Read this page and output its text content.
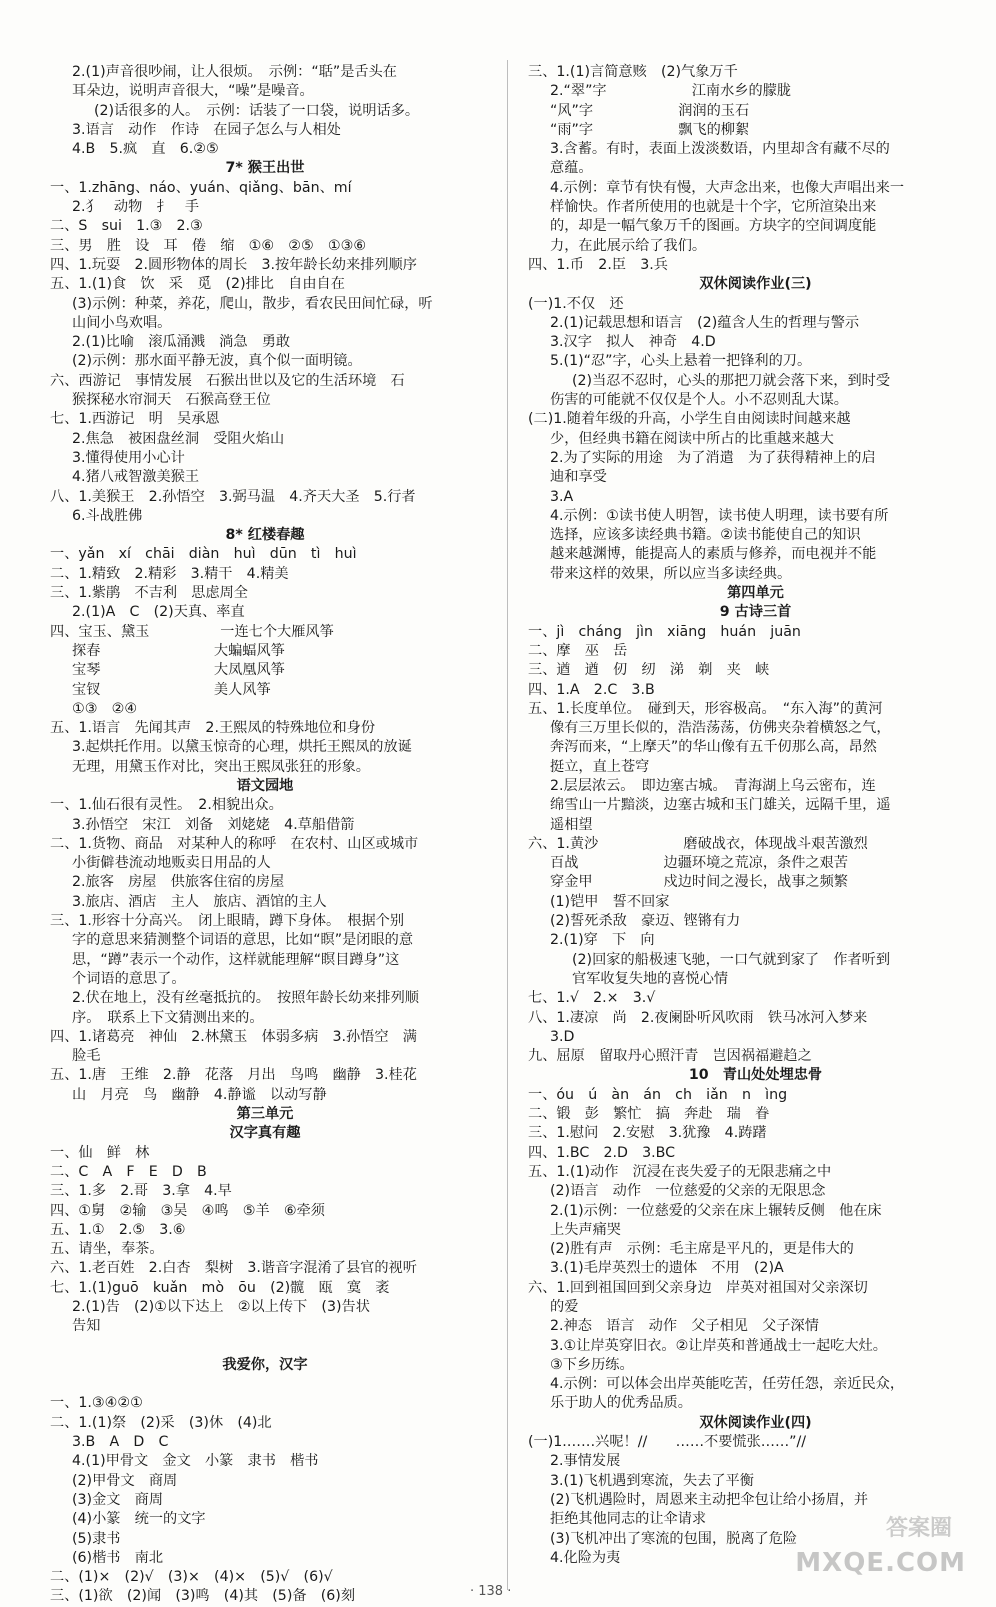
2.(1)声音很吵闹，让人很烦。　示例：“聒”是舌头在
耳朵边，说明声音很大，“噪”是噪音。
(2)话很多的人。　示例：话装了一口袋，说明话多。
3.语言　动作　作诗　在园子怎么与人相处
4.B　5.疯　直　6.②⑤
7* 猴王出世
一、1.zhāng、náo、yuán、qiǎng、bān、mí
2.犭　动物　扌　手
二、S　sui　1.③　2.③
三、男　胜　设　耳　倦　缩　①⑥　②⑤　①③⑥
四、1.玩耍　2.圆形物体的周长　3.按年龄长幼来排列顺序
五、1.(1)食　饮　采　觅　(2)排比　自由自在
(3)示例：种菜，养花，爬山，散步，看农民田间忙碌，听
山间小鸟欢唱。
2.(1)比喻　滚瓜涌溅　淌急　勇敢
(2)示例：那水面平静无波，真个似一面明镜。
六、西游记　事情发展　石猴出世以及它的生活环境　石
猴探秘水帘洞天　石猴高登王位
七、1.西游记　明　吴承恩
2.焦急　被困盘丝洞　受阻火焰山
3.懂得使用小心计
4.猪八戒智激美猴王
八、1.美猴王　2.孙悟空　3.弼马温　4.齐天大圣　5.行者
6.斗战胜佛
8* 红楼春趣
一、yǎn　xí　chāi　diàn　huì　dūn　tì　huì
二、1.精致　2.精彩　3.精干　4.精美
三、1.紫鹃　不吉利　思虑周全
2.(1)A　C　(2)天真、率直
四、宝玉、黛玉　　　　　一连七个大雁风筝
探春　　　　　　　　大蝙蝠风筝
宝琴　　　　　　　　大凤凰风筝
宝钗　　　　　　　　美人风筝
①③　②④
五、1.语言　先闻其声　2.王熙凤的特殊地位和身份
3.起烘托作用。以黛玉惊奇的心理，烘托王熙凤的放诞
无理，用黛玉作对比，突出王熙凤张狂的形象。
语文园地
一、1.仙石很有灵性。　2.相貌出众。
3.孙悟空　宋江　刘备　刘姥姥　4.草船借箭
二、1.货物、商品　对某种人的称呼　在农村、山区或城市
小街僻巷流动地贩卖日用品的人
2.旅客　房屋　供旅客住宿的房屋
3.旅店、酒店　主人　旅店、酒馆的主人
三、1.形容十分高兴。　闭上眼睛，蹲下身体。　根据个别
字的意思来猜测整个词语的意思，比如“瞑”是闭眼的意
思，“蹲”表示一个动作，这样就能理解“瞑目蹲身”这
个词语的意思了。
2.伏在地上，没有丝毫抵抗的。　按照年龄长幼来排列顺
序。　联系上下文猜测出来的。
四、1.诸葛亮　神仙　2.林黛玉　体弱多病　3.孙悟空　满
脸毛
五、1.唐　王维　2.静　花落　月出　鸟鸣　幽静　3.桂花
山　月亮　鸟　幽静　4.静谧　以动写静
第三单元
汉字真有趣
一、仙　鲜　林
二、C　A　F　E　D　B
三、1.多　2.哥　3.拿　4.早
四、①舅　②输　③吴　④鸣　⑤羊　⑥牵须
五、1.①　2.⑤　3.⑥
五、请坐，奉茶。
六、1.老百姓　2.白杏　梨树　3.谐音字混淆了县官的视听
七、1.(1)guō　kuǎn　mò　ōu　(2)髋　瓯　寞　袤
2.(1)告　(2)①以下达上　②以上传下　(3)告状
告知
我爱你，汉字
一、1.③④②①
二、1.(1)祭　(2)采　(3)休　(4)北
3.B　A　D　C
4.(1)甲骨文　金文　小篆　隶书　楷书
(2)甲骨文　商周
(3)金文　商周
(4)小篆　统一的文字
(5)隶书
(6)楷书　南北
二、(1)×　(2)√　(3)×　(4)×　(5)√　(6)√
三、(1)欲　(2)闻　(3)鸣　(4)其　(5)备　(6)刻
三、1.(1)言简意赅　(2)气象万千
2.“翠”字　　　　　　江南水乡的朦胧
“风”字　　　　　　润润的玉石
“雨”字　　　　　　飘飞的柳絮
3.含蓄。有时，表面上泼淡数语，内里却含有藏不尽的
意蕴。
4.示例：章节有快有慢，大声念出来，也像大声唱出来一
样愉快。作者所使用的也就是十个字，它所渲染出来
的，却是一幅气象万千的图画。方块字的空间调度能
力，在此展示给了我们。
四、1.币　2.臣　3.兵
双休阅读作业(三)
(一)1.不仅　还
2.(1)记载思想和语言　(2)蕴含人生的哲理与警示
3.汉字　拟人　神奇　4.D
5.(1)“忍”字，心头上悬着一把锋利的刀。
(2)当忍不忍时，心头的那把刀就会落下来，到时受
伤害的可能就不仅仅是个人。小不忍则乱大谋。
(二)1.随着年级的升高，小学生自由阅读时间越来越
少，但经典书籍在阅读中所占的比重越来越大
2.为了实际的用途　为了消遣　为了获得精神上的启
迪和享受
3.A
4.示例：①读书使人明智，读书使人明理，读书要有所
选择，应该多读经典书籍。②读书能使自己的知识
越来越渊博，能提高人的素质与修养，而电视并不能
带来这样的效果，所以应当多读经典。
第四单元
9 古诗三首
一、jì　cháng　jìn　xiāng　huán　juān
二、摩　巫　岳
三、遒　遒　仞　纫　涕　剃　夹　峡
四、1.A　2.C　3.B
五、1.长度单位。　碰到天，形容极高。　“东入海”的黄河
像有三万里长似的，浩浩荡荡，仿佛夹杂着横怒之气，
奔泻而来，“上摩天”的华山像有五千仞那么高，昂然
挺立，直上苍穹
2.层层浓云。　即边塞古城。　青海湖上乌云密布，连
绵雪山一片黯淡，边塞古城和玉门雄关，远隔千里，遥
遥相望
六、1.黄沙　　　　　　磨破战衣，体现战斗艰苦激烈
百战　　　　　　边疆环境之荒凉，条件之艰苦
穿金甲　　　　　戍边时间之漫长，战事之频繁
(1)铠甲　誓不回家
(2)誓死杀敌　豪迈、铿锵有力
2.(1)穿　下　向
(2)回家的船极速飞驰，一口气就到家了　作者听到
官军收复失地的喜悦心情
七、1.√　2.×　3.√
八、1.凄凉　尚　2.夜阑卧听风吹雨　铁马冰河入梦来
3.D
九、屈原　留取丹心照汗青　岂因祸福避趋之
10　青山处处埋忠骨
一、óu　ú　àn　án　ch　iǎn　n　ìng
二、锻　彭　繁忙　搞　奔赴　瑞　眷
三、1.慰问　2.安慰　3.犹豫　4.踌躇
四、1.BC　2.D　3.BC
五、1.(1)动作　沉浸在丧失爱子的无限悲痛之中
(2)语言　动作　一位慈爱的父亲的无限思念
2.(1)示例：一位慈爱的父亲在床上辗转反侧　他在床
上失声痛哭
(2)胜有声　示例：毛主席是平凡的，更是伟大的
3.(1)毛岸英烈士的遗体　不用　(2)A
六、1.回到祖国回到父亲身边　岸英对祖国对父亲深切
的爱
2.神态　语言　动作　父子相见　父子深情
3.①让岸英穿旧衣。②让岸英和普通战士一起吃大灶。
③下乡历练。
4.示例：可以体会出岸英能吃苦，任劳任怨，亲近民众，
乐于助人的优秀品质。
双休阅读作业(四)
(一)1.……兴呢！//　　……不要慌张……”//
2.事情发展
3.(1)飞机遇到寒流，失去了平衡
(2)飞机遇险时，周恩来主动把伞包让给小扬眉，并
拒绝其他同志的让伞请求
(3)飞机冲出了寒流的包围，脱离了危险
4.化险为夷
· 138 ·
答案圈
MXQE.COM
